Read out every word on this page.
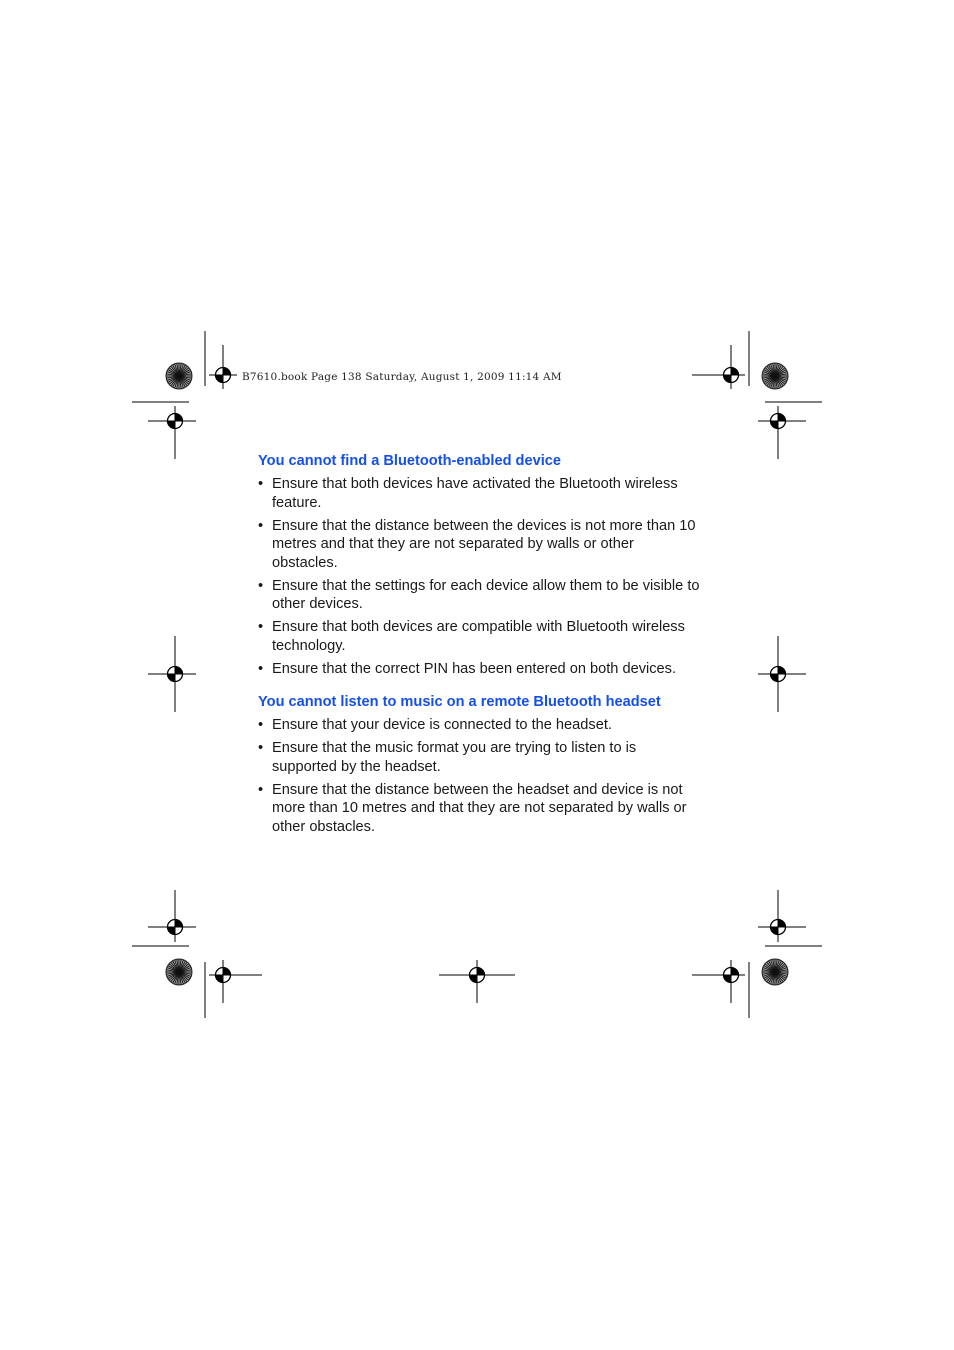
B7610.book Page 138 Saturday, August 1, 2009 11:14 AM
You cannot find a Bluetooth-enabled device
• Ensure that both devices have activated the Bluetooth wireless feature.
• Ensure that the distance between the devices is not more than 10 metres and that they are not separated by walls or other obstacles.
• Ensure that the settings for each device allow them to be visible to other devices.
• Ensure that both devices are compatible with Bluetooth wireless technology.
• Ensure that the correct PIN has been entered on both devices.
You cannot listen to music on a remote Bluetooth headset
• Ensure that your device is connected to the headset.
• Ensure that the music format you are trying to listen to is supported by the headset.
• Ensure that the distance between the headset and device is not more than 10 metres and that they are not separated by walls or other obstacles.
